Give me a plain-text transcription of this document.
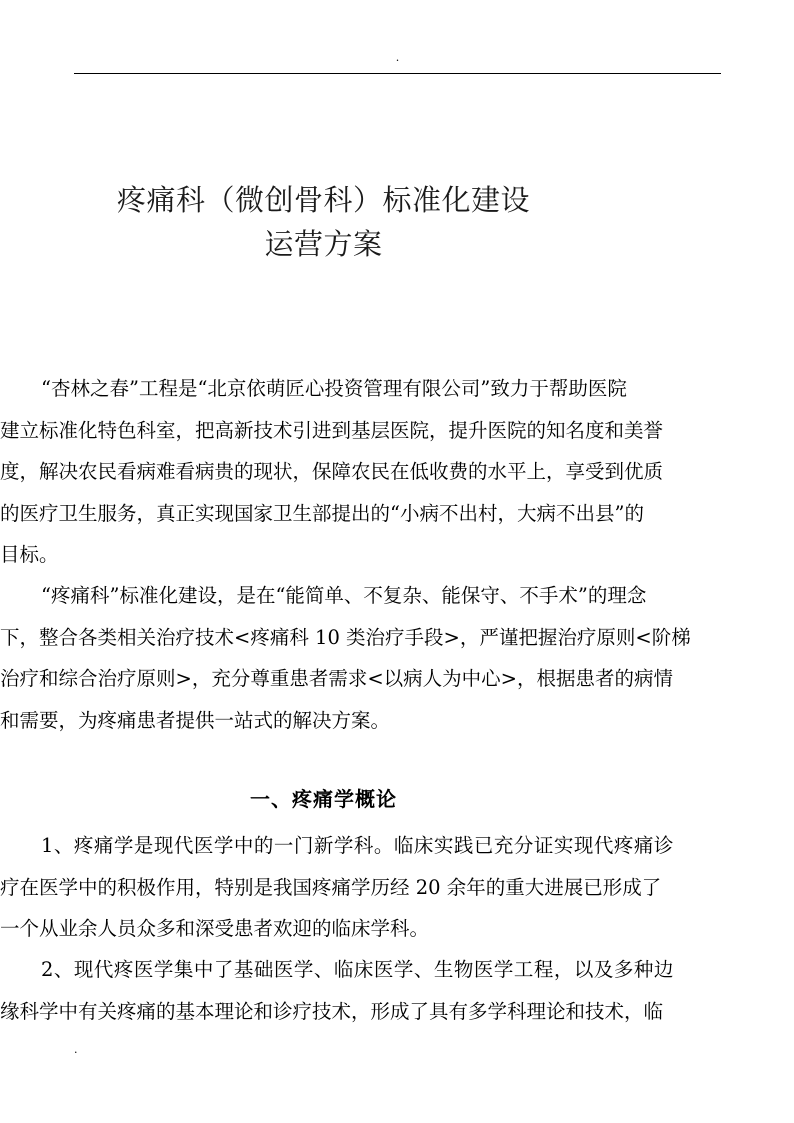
.
疼痛科（微创骨科）标准化建设
运营方案

“杏林之春”工程是“北京依萌匠心投资管理有限公司”致力于帮助医院
建立标准化特色科室，把高新技术引进到基层医院，提升医院的知名度和美誉
度，解决农民看病难看病贵的现状，保障农民在低收费的水平上，享受到优质
的医疗卫生服务，真正实现国家卫生部提出的“小病不出村，大病不出县”的
目标。

“疼痛科”标准化建设，是在“能简单、不复杂、能保守、不手术”的理念
下，整合各类相关治疗技术<疼痛科 10 类治疗手段>，严谨把握治疗原则<阶梯
治疗和综合治疗原则>，充分尊重患者需求<以病人为中心>，根据患者的病情
和需要，为疼痛患者提供一站式的解决方案。

一、疼痛学概论

1、疼痛学是现代医学中的一门新学科。临床实践已充分证实现代疼痛诊
疗在医学中的积极作用，特别是我国疼痛学历经 20 余年的重大进展已形成了
一个从业余人员众多和深受患者欢迎的临床学科。

2、现代疼医学集中了基础医学、临床医学、生物医学工程，以及多种边
缘科学中有关疼痛的基本理论和诊疗技术，形成了具有多学科理论和技术，临

.
